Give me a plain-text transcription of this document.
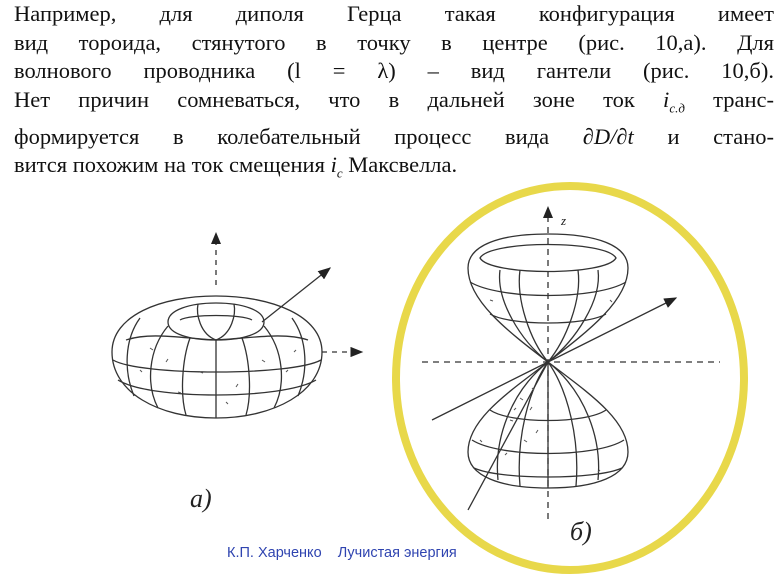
Например, для диполя Герца такая конфигурация имеет
вид тороида, стянутого в точку в центре (рис. 10,а). Для
волнового проводника (l = λ) – вид гантели (рис. 10,б).
Нет причин сомневаться, что в дальней зоне ток $i_{с.д}$ транс-
формируется в колебательный процесс вида ∂D/∂t и стано-
вится похожим на ток смещения $i_с$ Максвелла.
а)
z
б)
К.П. Харченко    Лучистая энергия
